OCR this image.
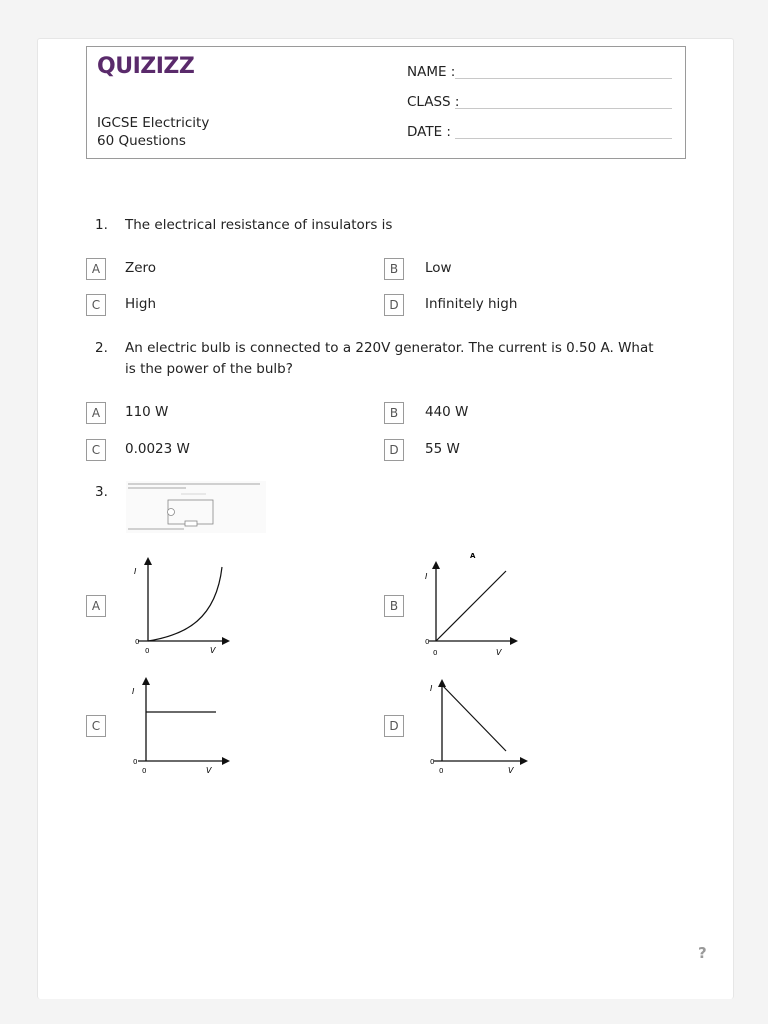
QUIZIZZ
IGCSE Electricity
60 Questions
NAME :
CLASS :
DATE :
1. The electrical resistance of insulators is
A	Zero	B	Low
C	High	D	Infinitely high
2. An electric bulb is connected to a 220V generator. The current is 0.50 A. What is the power of the bulb?
A	110 W	B	440 W
C	0.0023 W	D	55 W
3.
A	B
C	D
I
V
0
0
A
I
V
0
0
I
V
0
0
I
V
0
0
?
